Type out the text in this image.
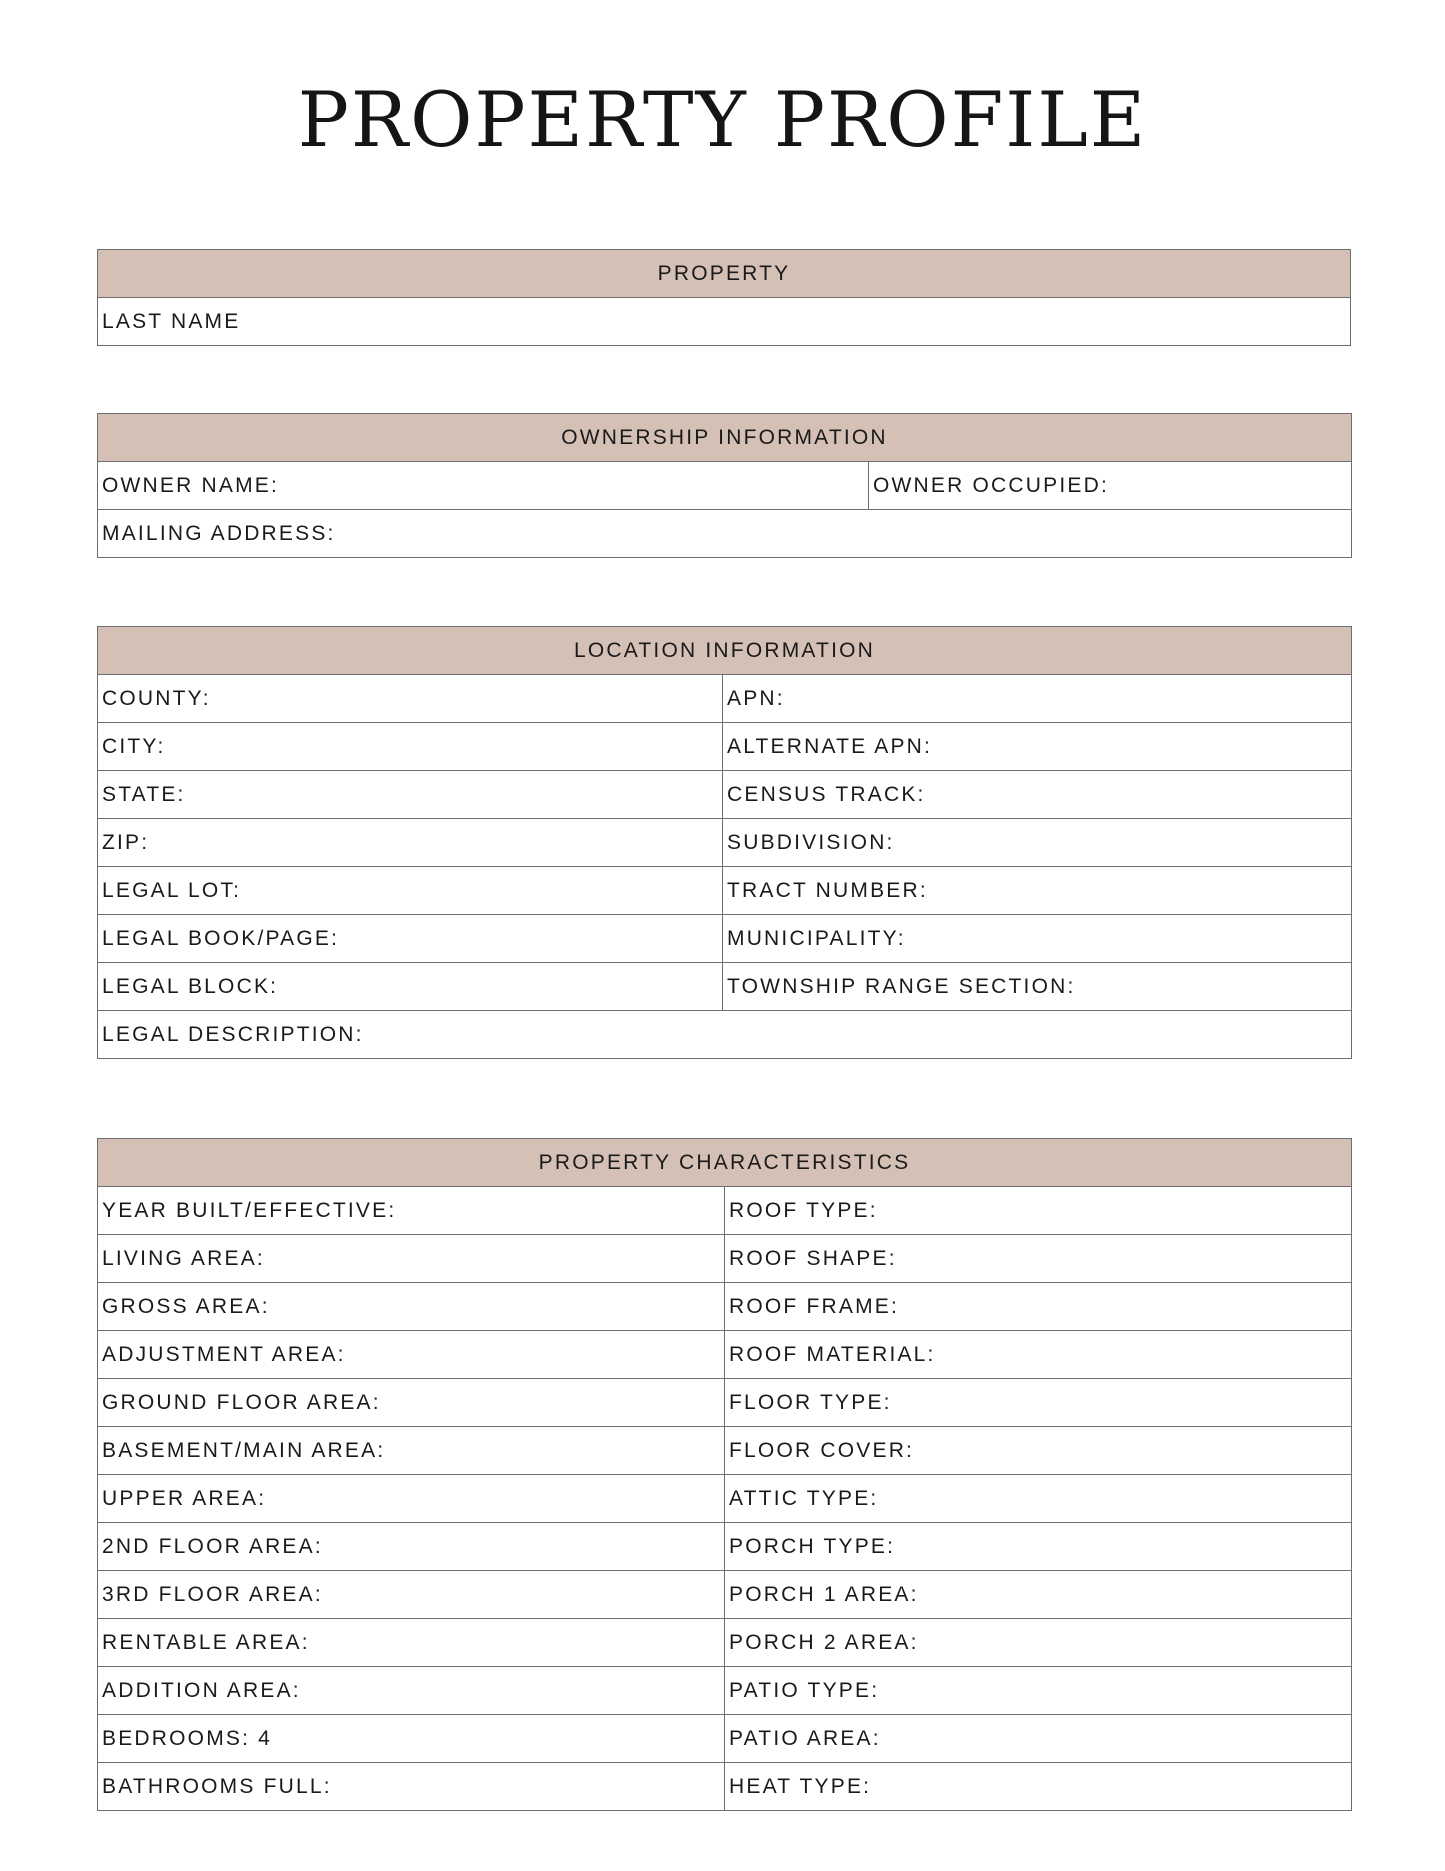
PROPERTY PROFILE
PROPERTY
LAST NAME
OWNERSHIP INFORMATION
OWNER NAME:	OWNER OCCUPIED:
MAILING ADDRESS:
LOCATION INFORMATION	
COUNTY:	APN:
CITY:	ALTERNATE APN:
STATE:	CENSUS TRACK:
ZIP:	SUBDIVISION:
LEGAL LOT:	TRACT NUMBER:
LEGAL BOOK/PAGE:	MUNICIPALITY:
LEGAL BLOCK:	TOWNSHIP RANGE SECTION:
LEGAL DESCRIPTION:	
PROPERTY CHARACTERISTICS	
YEAR BUILT/EFFECTIVE:	ROOF TYPE:
LIVING AREA:	ROOF SHAPE:
GROSS AREA:	ROOF FRAME:
ADJUSTMENT AREA:	ROOF MATERIAL:
GROUND FLOOR AREA:	FLOOR TYPE:
BASEMENT/MAIN AREA:	FLOOR COVER:
UPPER AREA:	ATTIC TYPE:
2ND FLOOR AREA:	PORCH TYPE:
3RD FLOOR AREA:	PORCH 1 AREA:
RENTABLE AREA:	PORCH 2 AREA:
ADDITION AREA:	PATIO TYPE:
BEDROOMS: 4	PATIO AREA:
BATHROOMS FULL:	HEAT TYPE:
